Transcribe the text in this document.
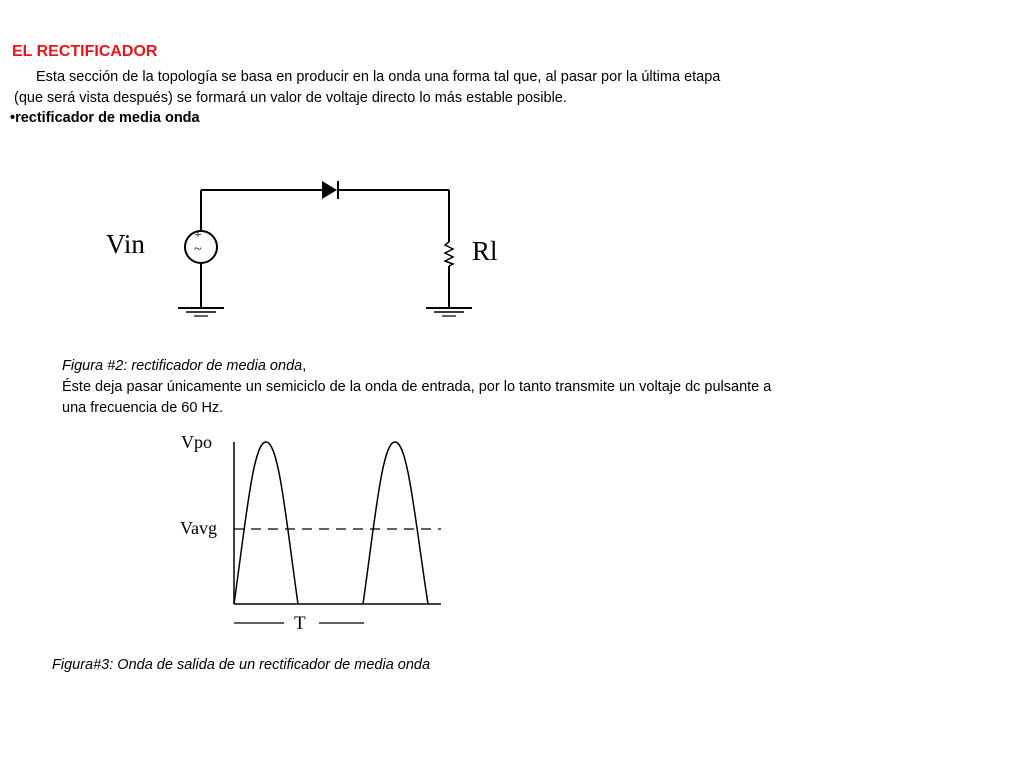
EL RECTIFICADOR
Esta sección de la topología se basa en producir en la onda una forma tal que, al pasar por la última etapa
(que será vista después) se formará un valor de voltaje directo lo más estable posible.
•rectificador de media onda
Vin	+
~	Rl
Figura #2: rectificador de media onda,
Éste deja pasar únicamente un semiciclo de la onda de entrada, por lo tanto transmite un voltaje dc pulsante a
una frecuencia de 60 Hz.
Vpo
Vavg
T
Figura#3: Onda de salida de un rectificador de media onda
